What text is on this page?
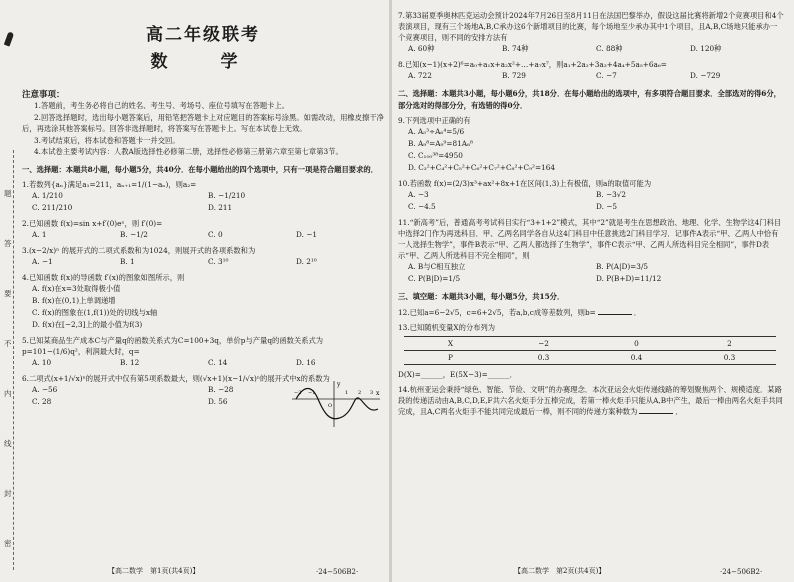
题
答
要
不
内
线
封
密
高二年级联考
数　学
注意事项：

1.答题前，考生务必将自己的姓名、考生号、考场号、座位号填写在答题卡上。

2.回答选择题时，选出每小题答案后，用铅笔把答题卡上对应题目的答案标号涂黑。如需改动，用橡皮擦干净后，再选涂其他答案标号。回答非选择题时，将答案写在答题卡上。写在本试卷上无效。

3.考试结束后，将本试卷和答题卡一并交回。

4.本试卷主要考试内容：人教A版选择性必修第二册，选择性必修第三册第六章至第七章第3节。

一、选择题：本题共8小题，每小题5分，共40分．在每小题给出的四个选项中，只有一项是符合题目要求的．
1.若数列{aₙ}满足a₁=211，aₙ₊₁=1/(1−aₙ)，则a₂=
A. 1/210	B. −1/210
C. 211/210	D. 211
2.已知函数 f(x)=sin x+f′(0)eˣ，则 f′(0)=
A. 1	B. −1/2	C. 0	D. −1
3.(x−2/x)ⁿ 的展开式的二项式系数和为1024，则展开式的各项系数和为
A. −1	B. 1	C. 3¹⁰	D. 2¹⁰
4.已知函数 f(x)的导函数 f′(x)的图象如图所示，则
A. f(x)在x=3处取得极小值
B. f(x)在(0,1)上单调递增
C. f(x)的图象在(1,f(1))处的切线与x轴
D. f(x)在[−2,3]上的最小值为f(3)
5.已知某商品生产成本C与产量q的函数关系式为C=100+3q，单价p与产量q的函数关系式为p=101−(1/6)q²，利润最大时，q=
A. 10	B. 12	C. 14	D. 16
6.二项式(x+1/√x)ⁿ的展开式中仅有第5项系数最大，则(√x+1)(x−1/√x)ⁿ的展开式中x的系数为
A. −56	B. −28
C. 28	D. 56
x
y
−2 −1
O
1 2 3
【高二数学　第1页(共4页)】	·24−506B2·
7.第33届夏季奥林匹克运动会预计2024年7月26日至8月11日在法国巴黎举办，假设这届比赛将新增2个竞赛项目和4个表演项目，现有三个场地A,B,C承办这6个新增项目的比赛，每个场地至少承办其中1个项目，且A,B,C场地只能承办一个竞赛项目，则不同的安排方法有
A. 60种	B. 74种	C. 88种	D. 120种
8.已知(x−1)(x+2)⁶=a₀+a₁x+a₂x²+…+a₇x⁷，则a₁+2a₂+3a₃+4a₄+5a₅+6a₆=
A. 722	B. 729	C. −7	D. −729
二、选择题：本题共3小题，每小题6分，共18分．在每小题给出的选项中，有多项符合题目要求．全部选对的得6分，部分选对的得部分分，有选错的得0分．
9.下列选项中正确的有
A. A₅³÷A₆⁴=5/6
B. A₉⁸=A₉⁹=81A₈⁸
C. C₁₀₀³⁸=4950
D. C₃²+C₄²+C₅²+C₆²+C₇²+C₈²+C₉²=164
10.若函数 f(x)=(2/3)x³+ax²+8x+1在区间(1,3)上有极值，则a的取值可能为
A. −3	B. −3√2
C. −4.5	D. −5
11.“新高考”后，普通高考考试科目实行“3+1+2”模式，其中“2”就是考生在思想政治、地理、化学、生物学这4门科目中选择2门作为再选科目．甲、乙两名同学各自从这4门科目中任意挑选2门科目学习．记事件A表示“甲、乙两人中恰有一人选择生物学”，事件B表示“甲、乙两人都选择了生物学”，事件C表示“甲、乙两人所选科目完全相同”，事件D表示“甲、乙两人所选科目不完全相同”，则
A. B与C相互独立	B. P(A|D)=3/5
C. P(B|D)=1/5	D. P(B+D)=11/12
三、填空题：本题共3小题，每小题5分，共15分．
12.已知a=6−2√5，c=6+2√5，若a,b,c成等差数列，则b=	．
13.已知随机变量X的分布列为
X	−2	0	2
P	0.3	0.4	0.3
D(X)=______，E(5X−3)=______．
14.杭州亚运会秉持“绿色、智能、节俭、文明”的办赛理念．本次亚运会火炬传递线路的筹划聚焦两个、规模适度．某路段的传递活动由A,B,C,D,E,F共六名火炬手分五棒完成，若第一棒火炬手只能从A,B中产生，最后一棒由两名火炬手共同完成，且A,C两名火炬手不能共同完成最后一棒，则不同的传递方案种数为	．
【高二数学　第2页(共4页)】	·24−506B2·
